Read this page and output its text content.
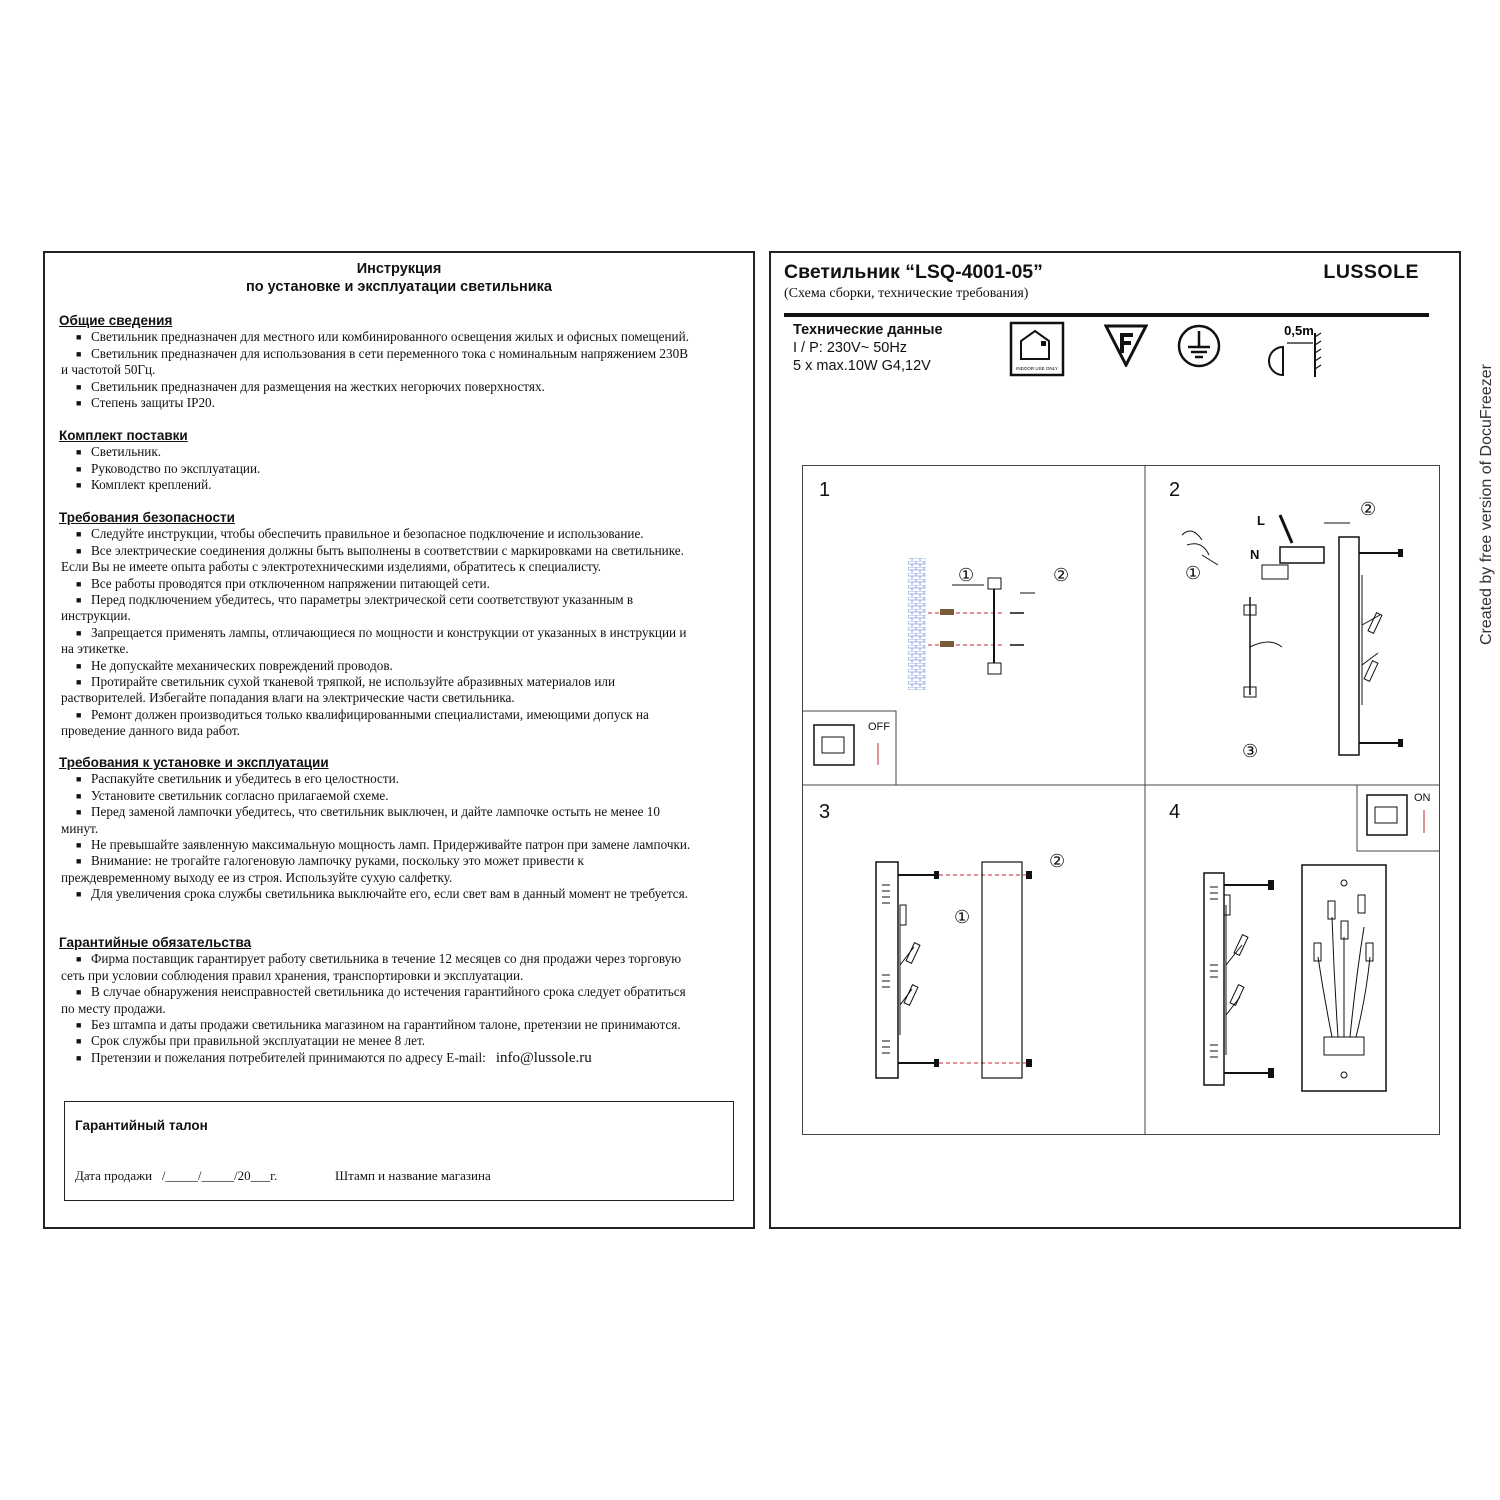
Инструкция
по установке и эксплуатации светильника
Общие сведения
■ Светильник предназначен для местного или комбинированного освещения жилых и офисных помещений.
■ Светильник предназначен для использования в сети переменного тока с номинальным напряжением 230В
и частотой 50Гц.
■ Светильник предназначен для размещения на жестких негорючих поверхностях.
■ Степень защиты IP20.
Комплект поставки
■ Светильник.
■ Руководство по эксплуатации.
■ Комплект креплений.
Требования безопасности
■ Следуйте инструкции, чтобы обеспечить правильное и безопасное подключение и использование.
■ Все электрические соединения должны быть выполнены в соответствии с маркировками на светильнике.
Если Вы не имеете опыта работы с электротехническими изделиями, обратитесь к специалисту.
■ Все работы проводятся при отключенном напряжении питающей сети.
■ Перед подключением убедитесь, что параметры электрической сети соответствуют указанным в
инструкции.
■ Запрещается применять лампы, отличающиеся по мощности и конструкции от указанных в инструкции и
на этикетке.
■ Не допускайте механических повреждений проводов.
■ Протирайте светильник сухой тканевой тряпкой, не используйте абразивных материалов или
растворителей. Избегайте попадания влаги на электрические части светильника.
■ Ремонт должен производиться только квалифицированными специалистами, имеющими допуск на
проведение данного вида работ.
Требования к установке и эксплуатации
■ Распакуйте светильник и убедитесь в его целостности.
■ Установите светильник согласно прилагаемой схеме.
■ Перед заменой лампочки убедитесь, что светильник выключен, и дайте лампочке остыть не менее 10
минут.
■ Не превышайте заявленную максимальную мощность ламп. Придерживайте патрон при замене лампочки.
■ Внимание: не трогайте галогеновую лампочку руками, поскольку это может привести к
преждевременному выходу ее из строя. Используйте сухую салфетку.
■ Для увеличения срока службы светильника выключайте его, если свет вам в данный момент не требуется.
Гарантийные обязательства
■ Фирма поставщик гарантирует работу светильника в течение 12 месяцев со дня продажи через торговую
сеть при условии соблюдения правил хранения, транспортировки и эксплуатации.
■ В случае обнаружения неисправностей светильника до истечения гарантийного срока следует обратиться
по месту продажи.
■ Без штампа и даты продажи светильника магазином на гарантийном талоне, претензии не принимаются.
■ Срок службы при правильной эксплуатации не менее 8 лет.
■ Претензии и пожелания потребителей принимаются по адресу E-mail: info@lussole.ru
Гарантийный талон
Дата продажи   /_____/_____/20___г.	Штамп и название магазина
Светильник “LSQ-4001-05”	LUSSOLE
(Схема сборки, технические требования)
Технические данные
I / P: 230V~ 50Hz
5 x max.10W G4,12V	INDOOR USE ONLY
0,5m
1	2
3	4
OFF
ON
L
N
①	②	①
②
③
①
②
Created by free version of DocuFreezer
